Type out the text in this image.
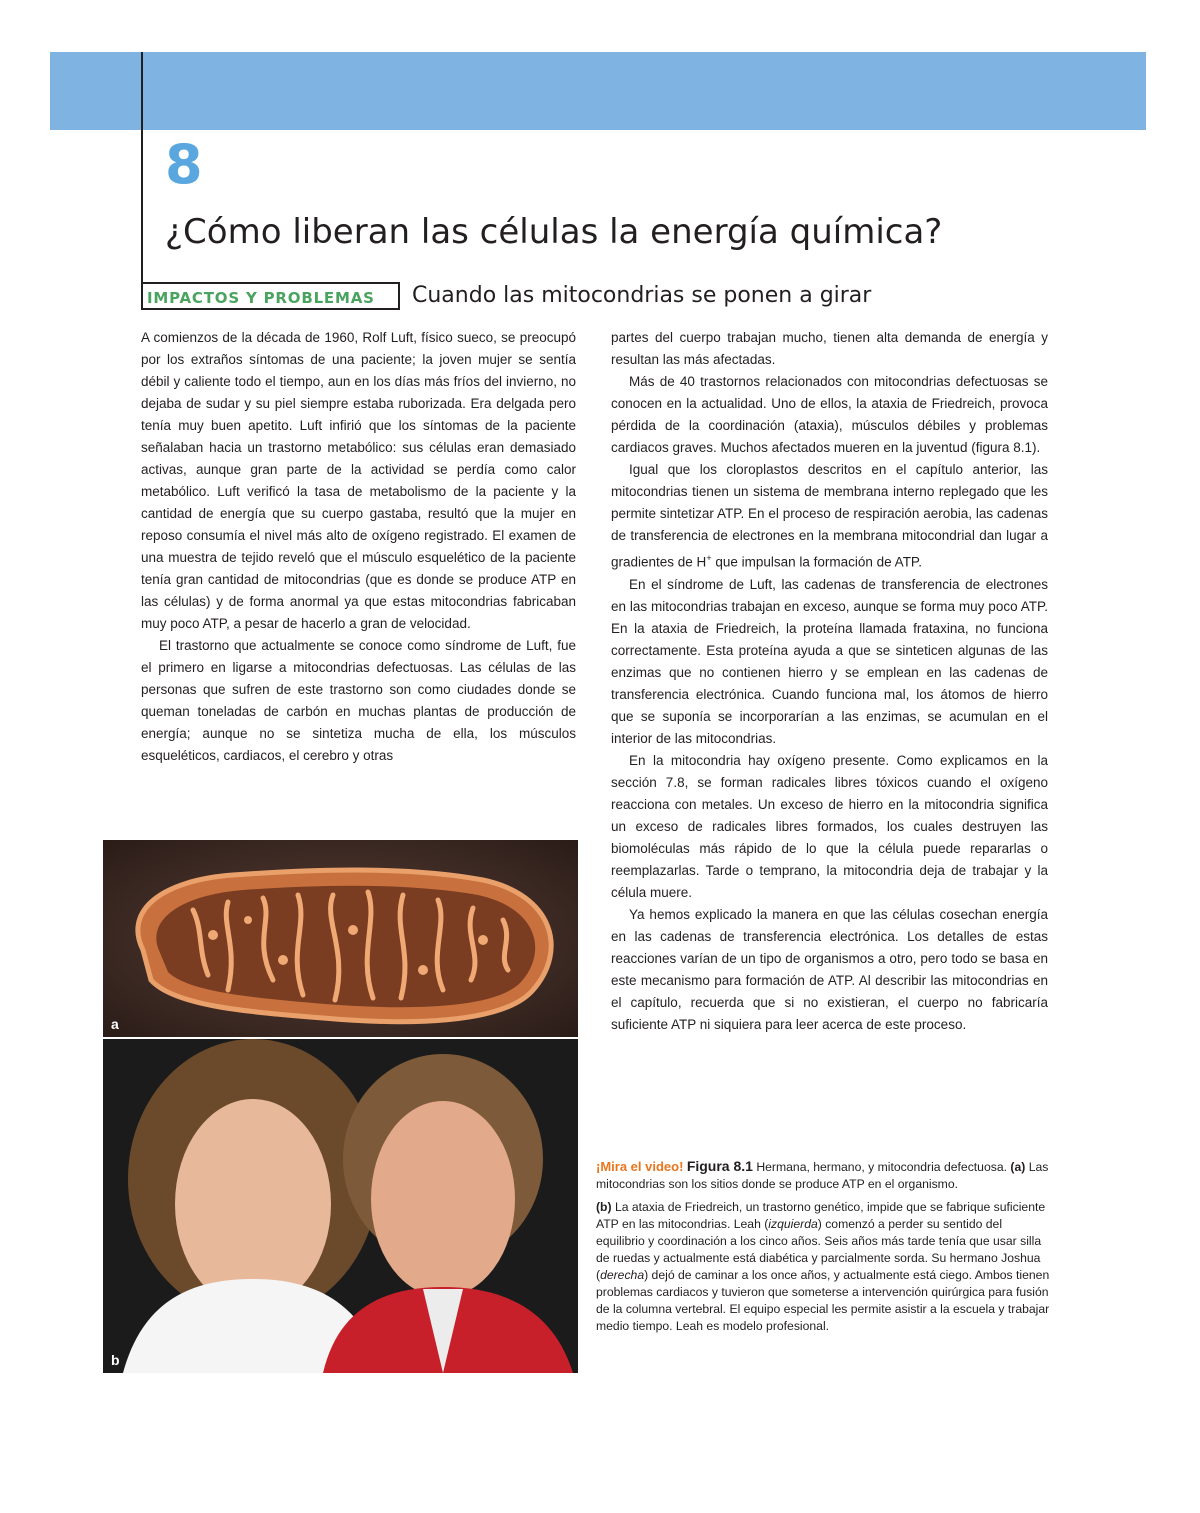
8
¿Cómo liberan las células la energía química?
IMPACTOS Y PROBLEMAS Cuando las mitocondrias se ponen a girar

A comienzos de la década de 1960, Rolf Luft, físico sueco, se preocupó por los extraños síntomas de una paciente; la joven mujer se sentía débil y caliente todo el tiempo, aun en los días más fríos del invierno, no dejaba de sudar y su piel siempre estaba ruborizada. Era delgada pero tenía muy buen apetito. Luft infirió que los síntomas de la paciente señalaban hacia un trastorno metabólico: sus células eran demasiado activas, aunque gran parte de la actividad se perdía como calor metabólico. Luft verificó la tasa de metabolismo de la paciente y la cantidad de energía que su cuerpo gastaba, resultó que la mujer en reposo consumía el nivel más alto de oxígeno registrado. El examen de una muestra de tejido reveló que el músculo esquelético de la paciente tenía gran cantidad de mitocondrias (que es donde se produce ATP en las células) y de forma anormal ya que estas mitocondrias fabricaban muy poco ATP, a pesar de hacerlo a gran de velocidad.

El trastorno que actualmente se conoce como síndrome de Luft, fue el primero en ligarse a mitocondrias defectuosas. Las células de las personas que sufren de este trastorno son como ciudades donde se queman toneladas de carbón en muchas plantas de producción de energía; aunque no se sintetiza mucha de ella, los músculos esqueléticos, cardiacos, el cerebro y otras

partes del cuerpo trabajan mucho, tienen alta demanda de energía y resultan las más afectadas.

Más de 40 trastornos relacionados con mitocondrias defectuosas se conocen en la actualidad. Uno de ellos, la ataxia de Friedreich, provoca pérdida de la coordinación (ataxia), músculos débiles y problemas cardiacos graves. Muchos afectados mueren en la juventud (figura 8.1).

Igual que los cloroplastos descritos en el capítulo anterior, las mitocondrias tienen un sistema de membrana interno replegado que les permite sintetizar ATP. En el proceso de respiración aerobia, las cadenas de transferencia de electrones en la membrana mitocondrial dan lugar a gradientes de H+ que impulsan la formación de ATP.

En el síndrome de Luft, las cadenas de transferencia de electrones en las mitocondrias trabajan en exceso, aunque se forma muy poco ATP. En la ataxia de Friedreich, la proteína llamada frataxina, no funciona correctamente. Esta proteína ayuda a que se sinteticen algunas de las enzimas que no contienen hierro y se emplean en las cadenas de transferencia electrónica. Cuando funciona mal, los átomos de hierro que se suponía se incorporarían a las enzimas, se acumulan en el interior de las mitocondrias.

En la mitocondria hay oxígeno presente. Como explicamos en la sección 7.8, se forman radicales libres tóxicos cuando el oxígeno reacciona con metales. Un exceso de hierro en la mitocondria significa un exceso de radicales libres formados, los cuales destruyen las biomoléculas más rápido de lo que la célula puede repararlas o reemplazarlas. Tarde o temprano, la mitocondria deja de trabajar y la célula muere.

Ya hemos explicado la manera en que las células cosechan energía en las cadenas de transferencia electrónica. Los detalles de estas reacciones varían de un tipo de organismos a otro, pero todo se basa en este mecanismo para formación de ATP. Al describir las mitocondrias en el capítulo, recuerda que si no existieran, el cuerpo no fabricaría suficiente ATP ni siquiera para leer acerca de este proceso.

a
b

¡Mira el video! Figura 8.1 Hermana, hermano, y mitocondria defectuosa. (a) Las mitocondrias son los sitios donde se produce ATP en el organismo.

(b) La ataxia de Friedreich, un trastorno genético, impide que se fabrique suficiente ATP en las mitocondrias. Leah (izquierda) comenzó a perder su sentido del equilibrio y coordinación a los cinco años. Seis años más tarde tenía que usar silla de ruedas y actualmente está diabética y parcialmente sorda. Su hermano Joshua (derecha) dejó de caminar a los once años, y actualmente está ciego. Ambos tienen problemas cardiacos y tuvieron que someterse a intervención quirúrgica para fusión de la columna vertebral. El equipo especial les permite asistir a la escuela y trabajar medio tiempo. Leah es modelo profesional.
